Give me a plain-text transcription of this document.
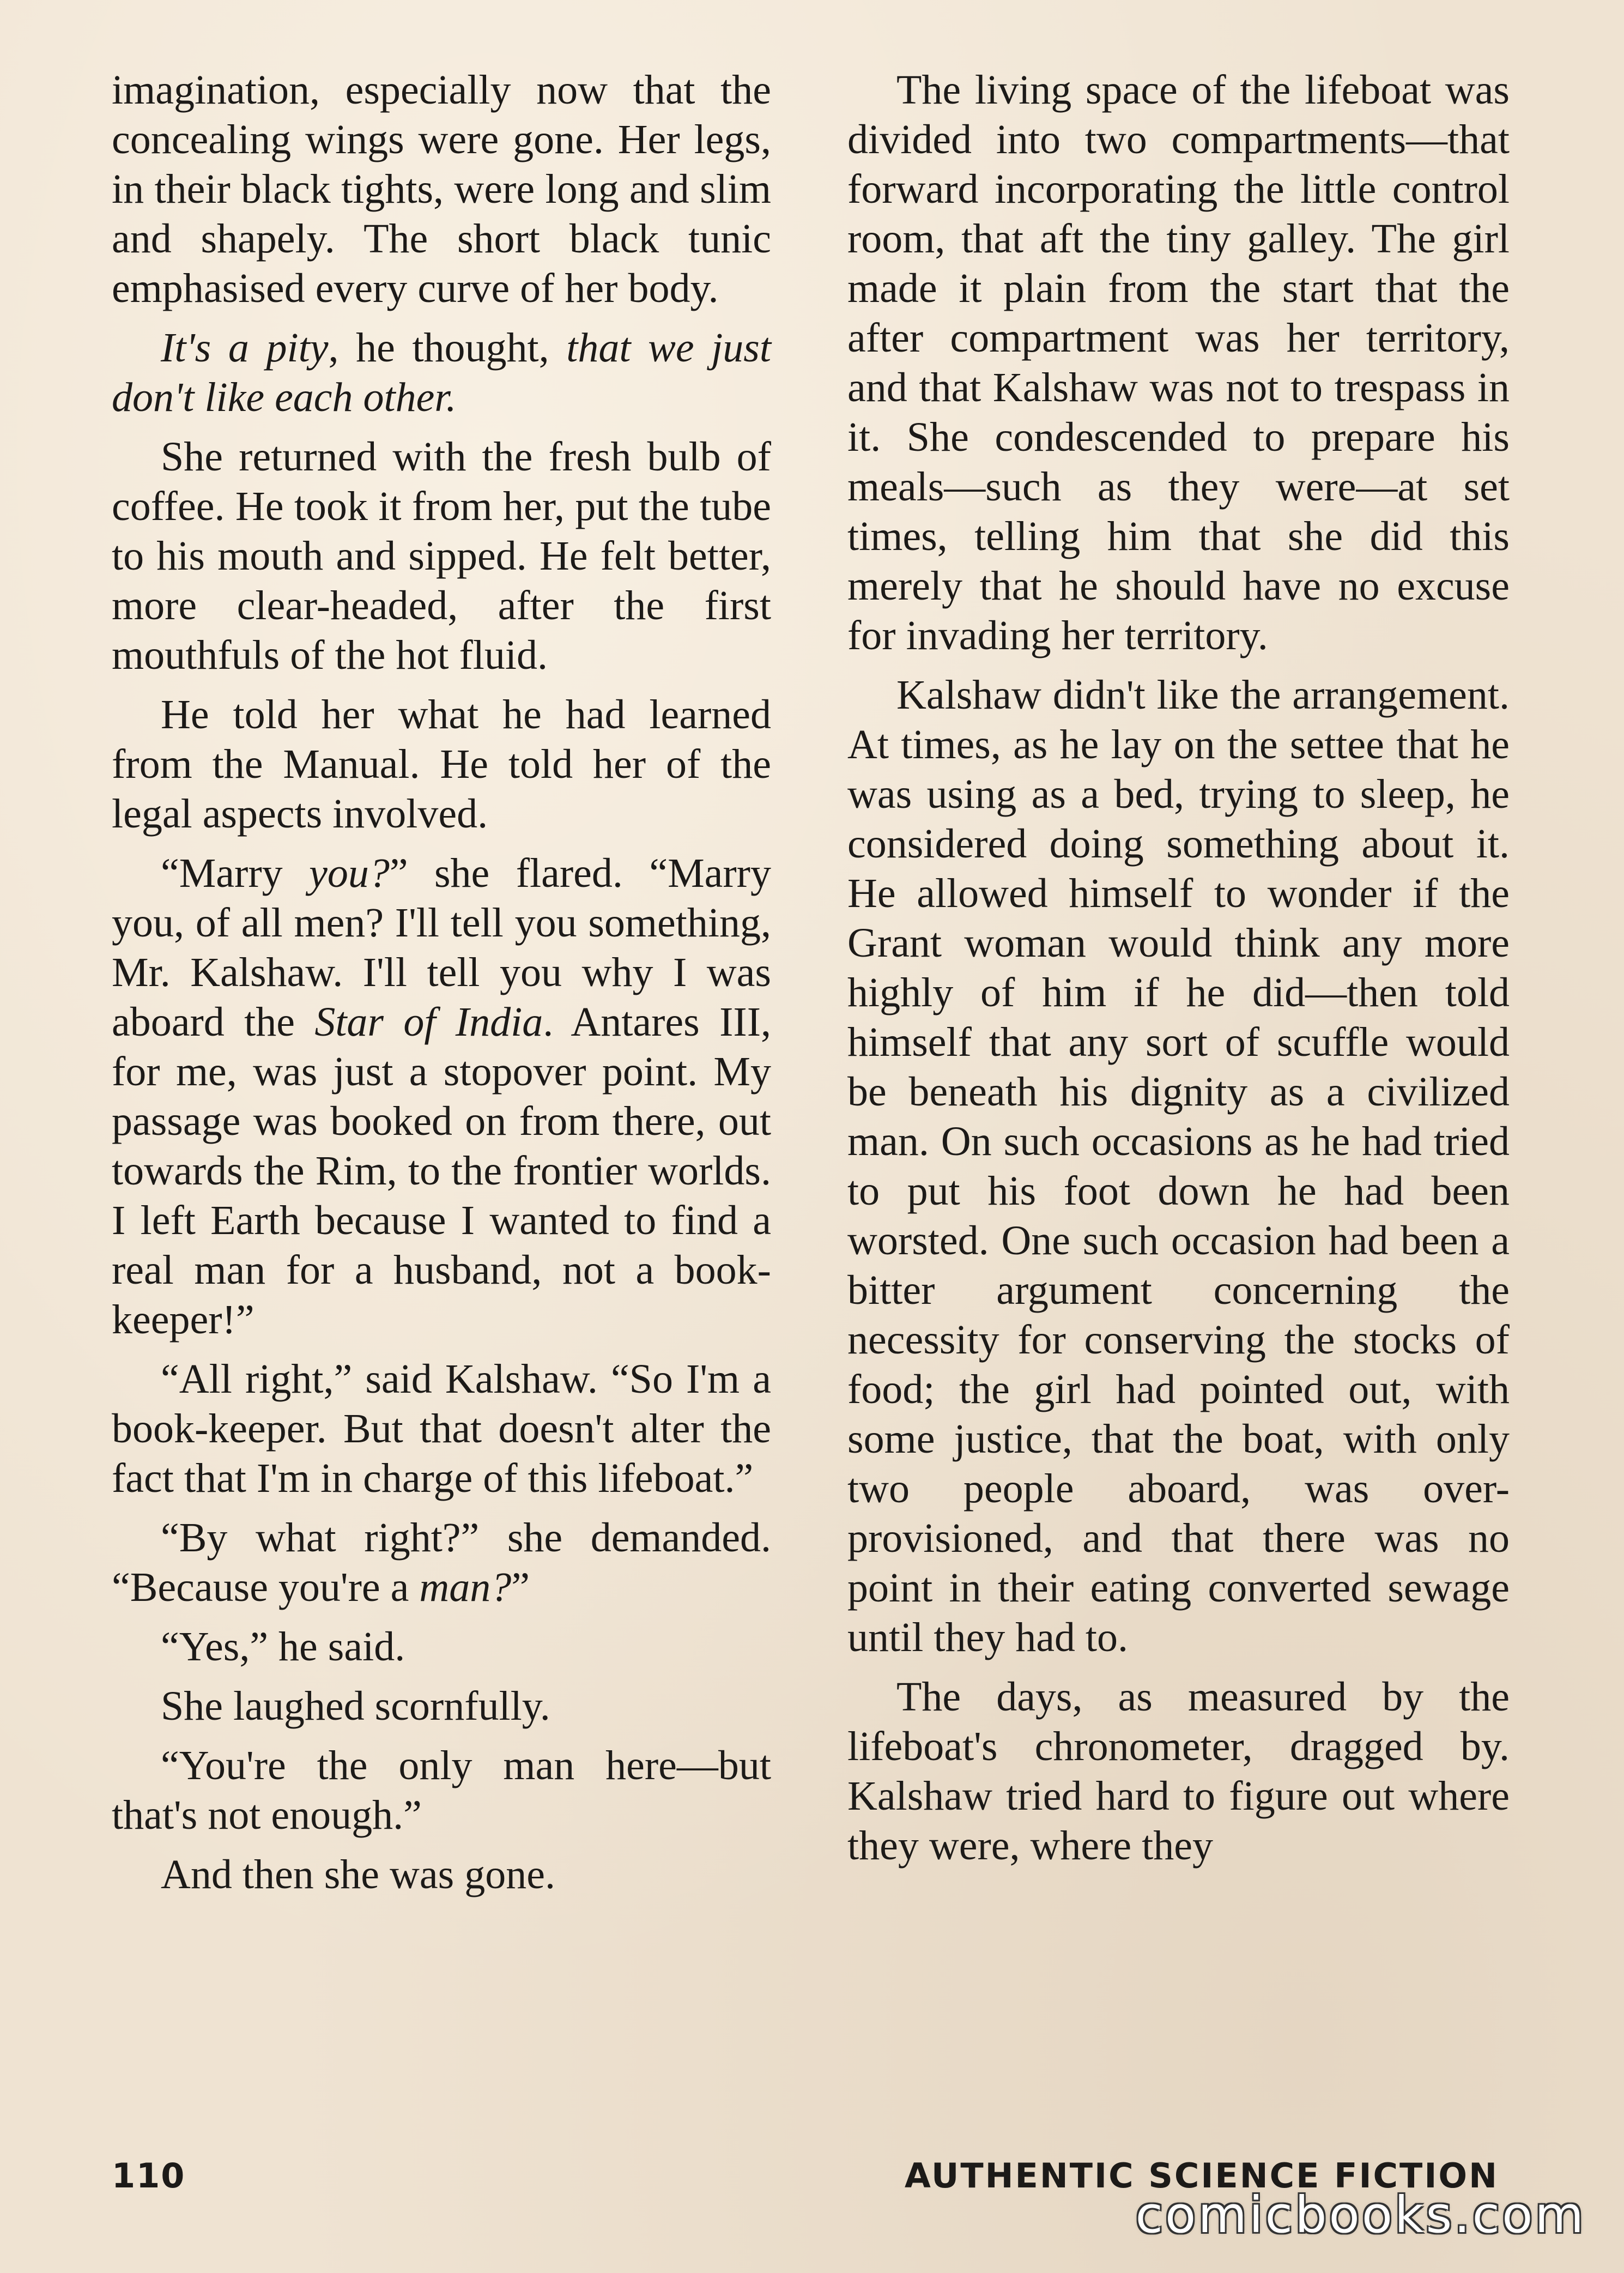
imagination, especially now that the concealing wings were gone. Her legs, in their black tights, were long and slim and shapely. The short black tunic emphasised every curve of her body.

It's a pity, he thought, that we just don't like each other.

She returned with the fresh bulb of coffee. He took it from her, put the tube to his mouth and sipped. He felt better, more clear-headed, after the first mouthfuls of the hot fluid.

He told her what he had learned from the Manual. He told her of the legal aspects involved.

“Marry you?” she flared. “Marry you, of all men? I'll tell you something, Mr. Kalshaw. I'll tell you why I was aboard the Star of India. Antares III, for me, was just a stopover point. My passage was booked on from there, out towards the Rim, to the frontier worlds. I left Earth because I wanted to find a real man for a husband, not a book-keeper!”

“All right,” said Kalshaw. “So I'm a book-keeper. But that doesn't alter the fact that I'm in charge of this lifeboat.”

“By what right?” she demanded. “Because you're a man?”

“Yes,” he said.

She laughed scornfully.

“You're the only man here—but that's not enough.”

And then she was gone.

The living space of the lifeboat was divided into two compartments—that forward incorporating the little control room, that aft the tiny galley. The girl made it plain from the start that the after compartment was her territory, and that Kalshaw was not to trespass in it. She condescended to prepare his meals—such as they were—at set times, telling him that she did this merely that he should have no excuse for invading her territory.

Kalshaw didn't like the arrangement. At times, as he lay on the settee that he was using as a bed, trying to sleep, he considered doing something about it. He allowed himself to wonder if the Grant woman would think any more highly of him if he did—then told himself that any sort of scuffle would be beneath his dignity as a civilized man. On such occasions as he had tried to put his foot down he had been worsted. One such occasion had been a bitter argument concerning the necessity for conserving the stocks of food; the girl had pointed out, with some justice, that the boat, with only two people aboard, was over-provisioned, and that there was no point in their eating converted sewage until they had to.

The days, as measured by the lifeboat's chronometer, dragged by. Kalshaw tried hard to figure out where they were, where they

110	AUTHENTIC SCIENCE FICTION
comicbooks.com
